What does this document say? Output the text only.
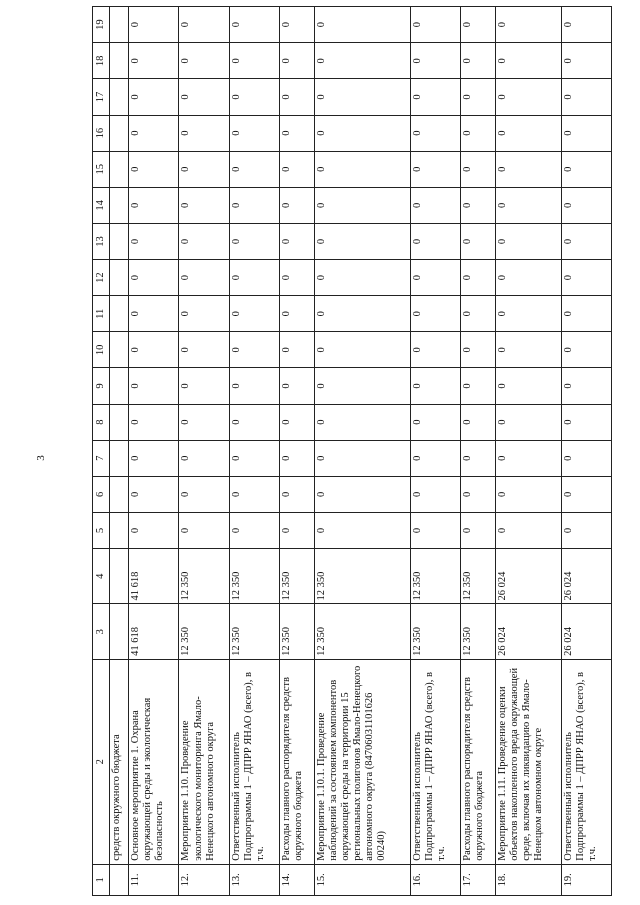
3
1	2	3	4	5	6	7	8	9	10	11	12	13	14	15	16	17	18	19
	средств окружного бюджета																	
11.	Основное мероприятие 1. Охрана окружающей среды и экологическая безопасность	41 618	41 618	0	0	0	0	0	0	0	0	0	0	0	0	0	0	0
12.	Мероприятие 1.10. Проведение экологического мониторинга Ямало-Ненецкого автономного округа	12 350	12 350	0	0	0	0	0	0	0	0	0	0	0	0	0	0	0
13.	Ответственный исполнитель Подпрограммы 1 – ДПРР ЯНАО (всего), в т.ч.	12 350	12 350	0	0	0	0	0	0	0	0	0	0	0	0	0	0	0
14.	Расходы главного распорядителя средств окружного бюджета	12 350	12 350	0	0	0	0	0	0	0	0	0	0	0	0	0	0	0
15.	Мероприятие 1.10.1. Проведение наблюдений за состоянием компонентов окружающей среды на территории 15 региональных полигонов Ямало-Ненецкого автономного округа (84706031101626 00240)	12 350	12 350	0	0	0	0	0	0	0	0	0	0	0	0	0	0	0
16.	Ответственный исполнитель Подпрограммы 1 – ДПРР ЯНАО (всего), в т.ч.	12 350	12 350	0	0	0	0	0	0	0	0	0	0	0	0	0	0	0
17.	Расходы главного распорядителя средств окружного бюджета	12 350	12 350	0	0	0	0	0	0	0	0	0	0	0	0	0	0	0
18.	Мероприятие 1.11. Проведение оценки объектов накопленного вреда окружающей среде, включая их ликвидацию в Ямало-Ненецком автономном округе	26 024	26 024	0	0	0	0	0	0	0	0	0	0	0	0	0	0	0
19.	Ответственный исполнитель Подпрограммы 1 – ДПРР ЯНАО (всего), в т.ч.	26 024	26 024	0	0	0	0	0	0	0	0	0	0	0	0	0	0	0
